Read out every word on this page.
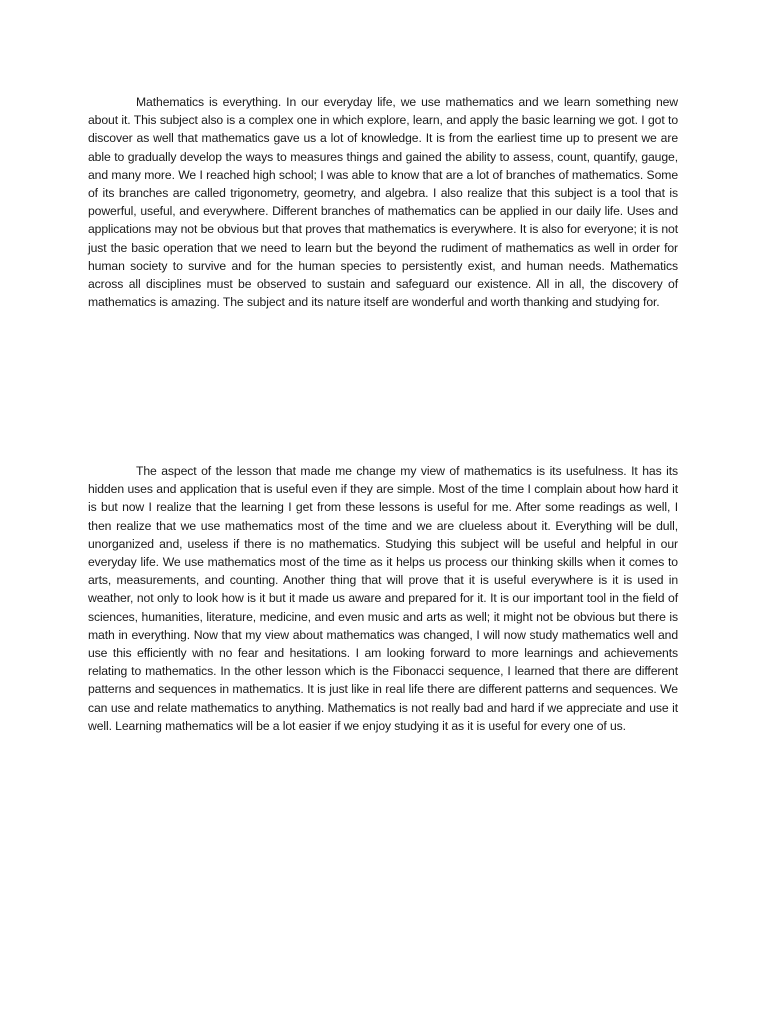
Mathematics is everything. In our everyday life, we use mathematics and we learn something new about it. This subject also is a complex one in which explore, learn, and apply the basic learning we got. I got to discover as well that mathematics gave us a lot of knowledge. It is from the earliest time up to present we are able to gradually develop the ways to measures things and gained the ability to assess, count, quantify, gauge, and many more. We I reached high school; I was able to know that are a lot of branches of mathematics. Some of its branches are called trigonometry, geometry, and algebra. I also realize that this subject is a tool that is powerful, useful, and everywhere. Different branches of mathematics can be applied in our daily life. Uses and applications may not be obvious but that proves that mathematics is everywhere. It is also for everyone; it is not just the basic operation that we need to learn but the beyond the rudiment of mathematics as well in order for human society to survive and for the human species to persistently exist, and human needs. Mathematics across all disciplines must be observed to sustain and safeguard our existence. All in all, the discovery of mathematics is amazing. The subject and its nature itself are wonderful and worth thanking and studying for.

The aspect of the lesson that made me change my view of mathematics is its usefulness. It has its hidden uses and application that is useful even if they are simple. Most of the time I complain about how hard it is but now I realize that the learning I get from these lessons is useful for me. After some readings as well, I then realize that we use mathematics most of the time and we are clueless about it. Everything will be dull, unorganized and, useless if there is no mathematics. Studying this subject will be useful and helpful in our everyday life. We use mathematics most of the time as it helps us process our thinking skills when it comes to arts, measurements, and counting. Another thing that will prove that it is useful everywhere is it is used in weather, not only to look how is it but it made us aware and prepared for it. It is our important tool in the field of sciences, humanities, literature, medicine, and even music and arts as well; it might not be obvious but there is math in everything. Now that my view about mathematics was changed, I will now study mathematics well and use this efficiently with no fear and hesitations. I am looking forward to more learnings and achievements relating to mathematics. In the other lesson which is the Fibonacci sequence, I learned that there are different patterns and sequences in mathematics. It is just like in real life there are different patterns and sequences. We can use and relate mathematics to anything. Mathematics is not really bad and hard if we appreciate and use it well. Learning mathematics will be a lot easier if we enjoy studying it as it is useful for every one of us.
